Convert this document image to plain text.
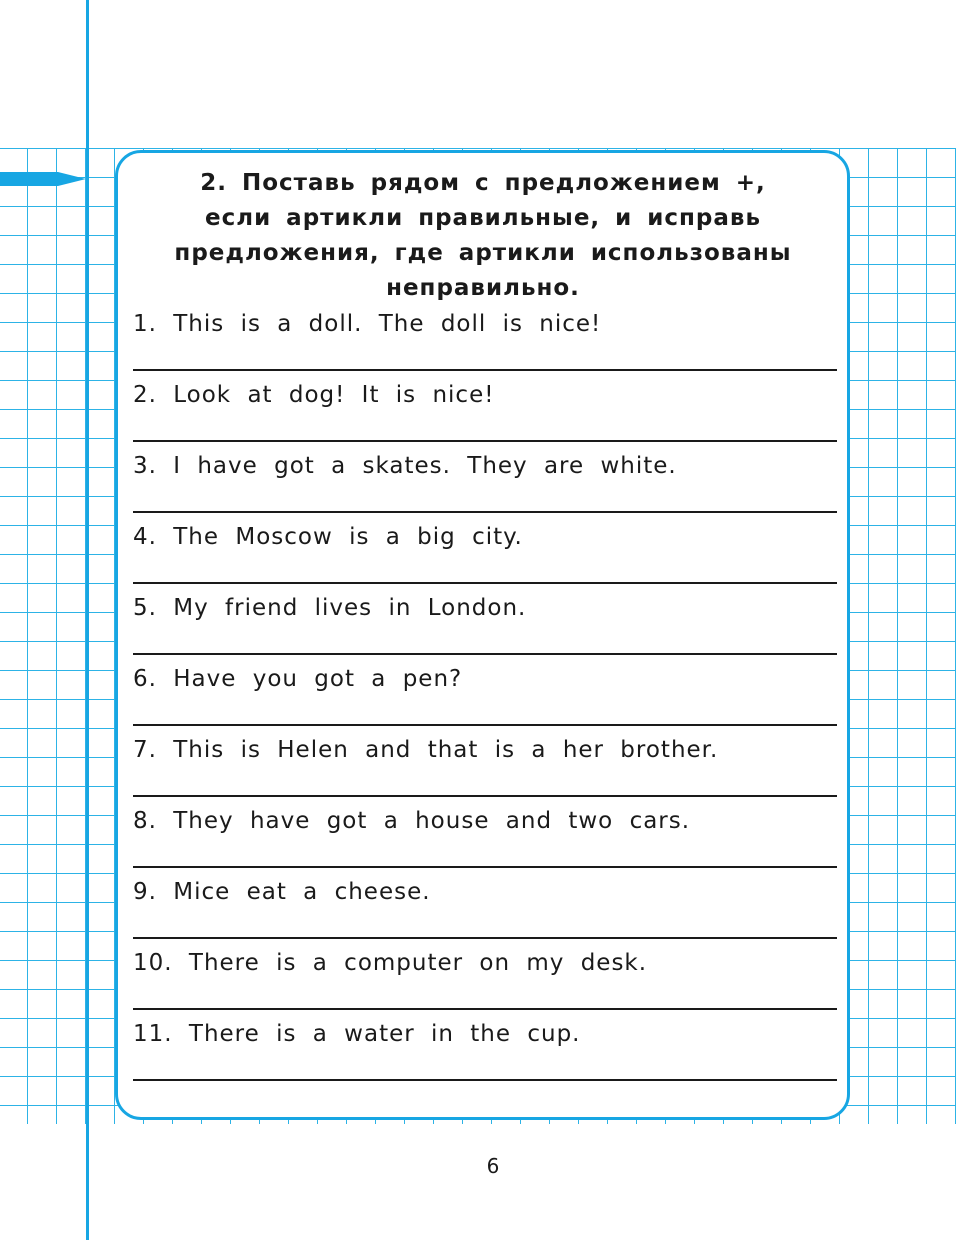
2. Поставь рядом с предложением +,
если артикли правильные, и исправь
предложения, где артикли использованы
неправильно.
1. This is a doll. The doll is nice!
2. Look at dog! It is nice!
3. I have got a skates. They are white.
4. The Moscow is a big city.
5. My friend lives in London.
6. Have you got a pen?
7. This is Helen and that is a her brother.
8. They have got a house and two cars.
9. Mice eat a cheese.
10. There is a computer on my desk.
11. There is a water in the cup.
6
